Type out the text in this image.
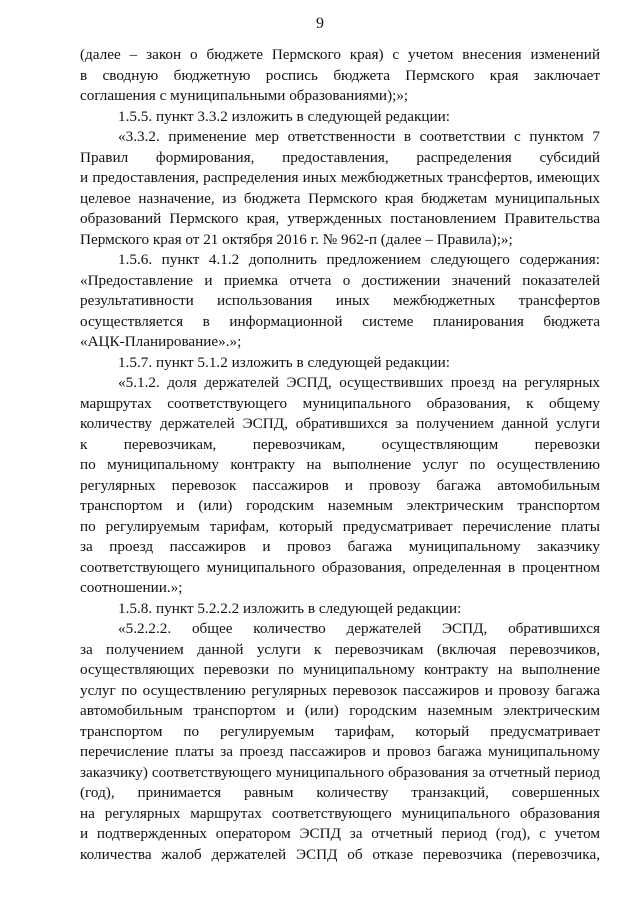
9
(далее – закон о бюджете Пермского края) с учетом внесения изменений
в сводную бюджетную роспись бюджета Пермского края заключает
соглашения с муниципальными образованиями);»;
1.5.5. пункт 3.3.2 изложить в следующей редакции:
«3.3.2. применение мер ответственности в соответствии с пунктом 7
Правил формирования, предоставления, распределения субсидий
и предоставления, распределения иных межбюджетных трансфертов, имеющих
целевое назначение, из бюджета Пермского края бюджетам муниципальных
образований Пермского края, утвержденных постановлением Правительства
Пермского края от 21 октября 2016 г. № 962-п (далее – Правила);»;
1.5.6. пункт 4.1.2 дополнить предложением следующего содержания:
«Предоставление и приемка отчета о достижении значений показателей
результативности использования иных межбюджетных трансфертов
осуществляется в информационной системе планирования бюджета
«АЦК-Планирование».»;
1.5.7. пункт 5.1.2 изложить в следующей редакции:
«5.1.2. доля держателей ЭСПД, осуществивших проезд на регулярных
маршрутах соответствующего муниципального образования, к общему
количеству держателей ЭСПД, обратившихся за получением данной услуги
к перевозчикам, перевозчикам, осуществляющим перевозки
по муниципальному контракту на выполнение услуг по осуществлению
регулярных перевозок пассажиров и провозу багажа автомобильным
транспортом и (или) городским наземным электрическим транспортом
по регулируемым тарифам, который предусматривает перечисление платы
за проезд пассажиров и провоз багажа муниципальному заказчику
соответствующего муниципального образования, определенная в процентном
соотношении.»;
1.5.8. пункт 5.2.2.2 изложить в следующей редакции:
«5.2.2.2. общее количество держателей ЭСПД, обратившихся
за получением данной услуги к перевозчикам (включая перевозчиков,
осуществляющих перевозки по муниципальному контракту на выполнение
услуг по осуществлению регулярных перевозок пассажиров и провозу багажа
автомобильным транспортом и (или) городским наземным электрическим
транспортом по регулируемым тарифам, который предусматривает
перечисление платы за проезд пассажиров и провоз багажа муниципальному
заказчику) соответствующего муниципального образования за отчетный период
(год), принимается равным количеству транзакций, совершенных
на регулярных маршрутах соответствующего муниципального образования
и подтвержденных оператором ЭСПД за отчетный период (год), с учетом
количества жалоб держателей ЭСПД об отказе перевозчика (перевозчика,
